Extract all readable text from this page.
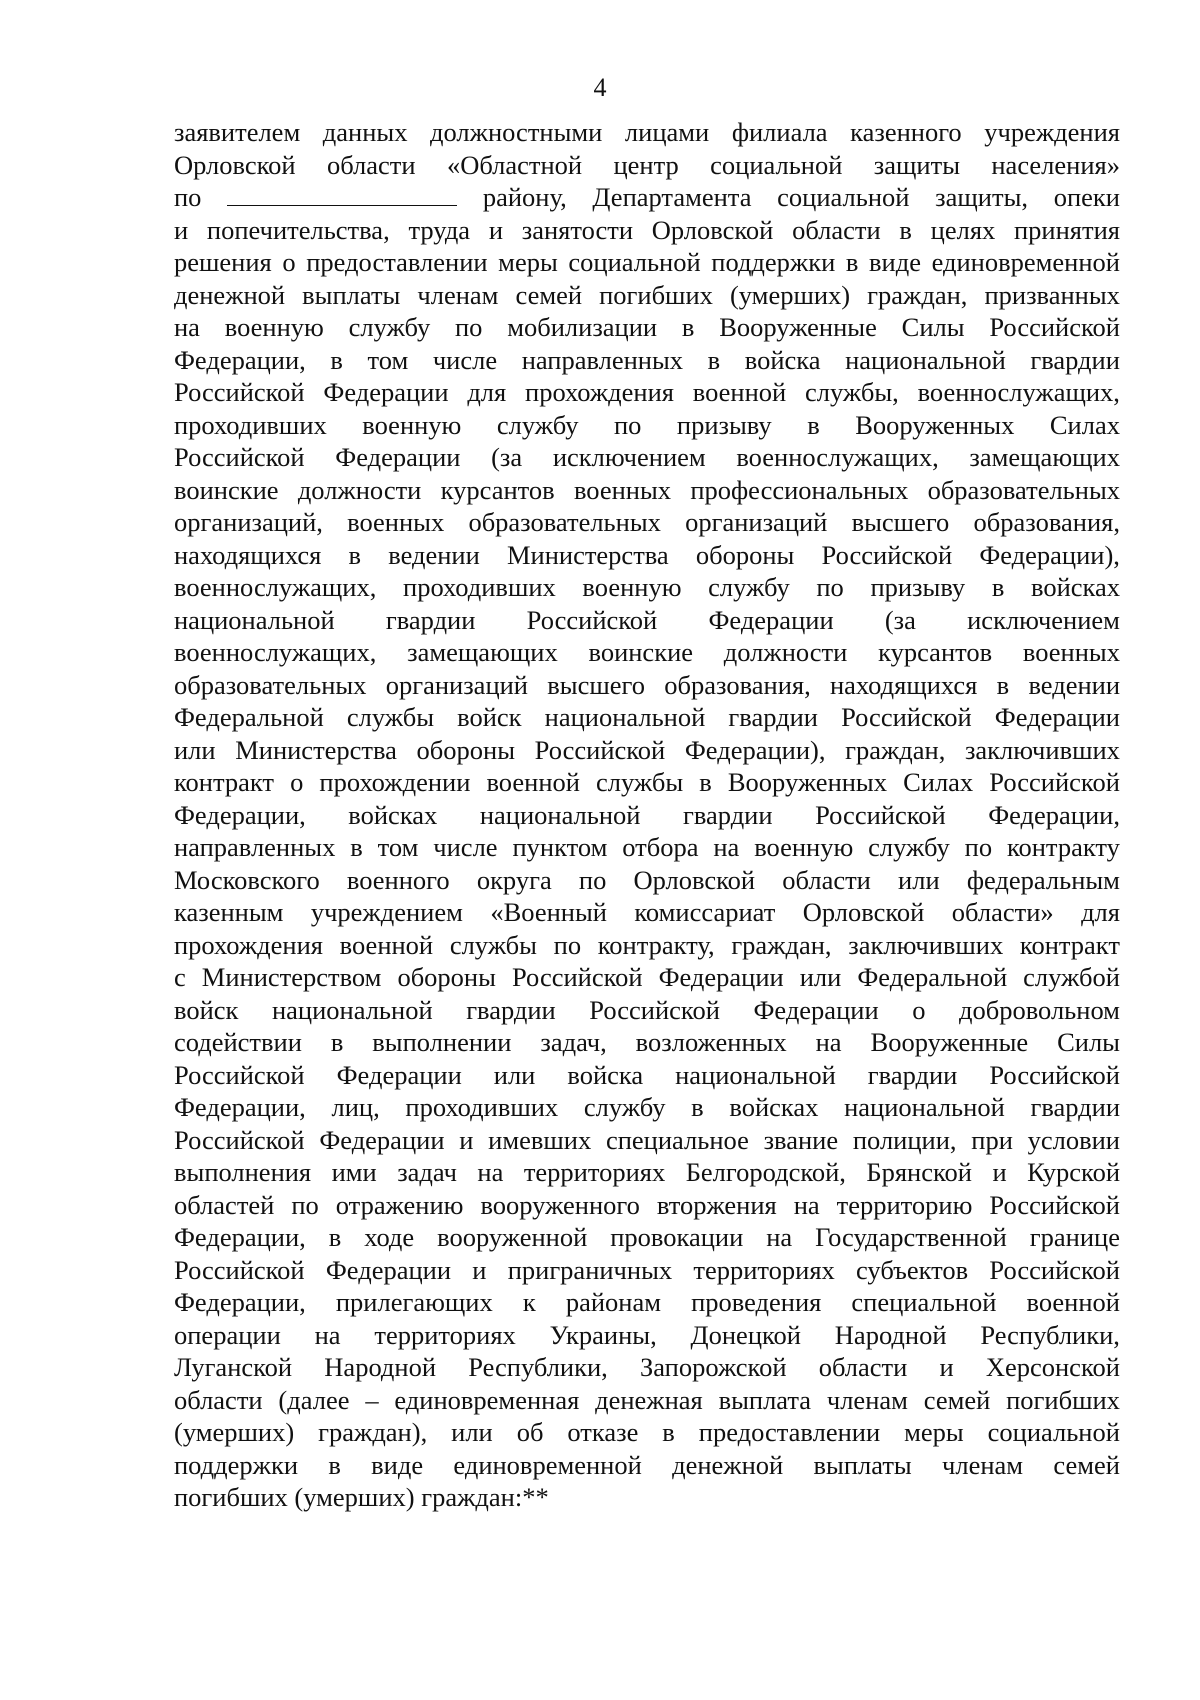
4
заявителем данных должностными лицами филиала казенного учреждения
Орловской области «Областной центр социальной защиты населения»
по	району, Департамента социальной защиты, опеки
и попечительства, труда и занятости Орловской области в целях принятия
решения о предоставлении меры социальной поддержки в виде единовременной
денежной выплаты членам семей погибших (умерших) граждан, призванных
на военную службу по мобилизации в Вооруженные Силы Российской
Федерации, в том числе направленных в войска национальной гвардии
Российской Федерации для прохождения военной службы, военнослужащих,
проходивших военную службу по призыву в Вооруженных Силах
Российской Федерации (за исключением военнослужащих, замещающих
воинские должности курсантов военных профессиональных образовательных
организаций, военных образовательных организаций высшего образования,
находящихся в ведении Министерства обороны Российской Федерации),
военнослужащих, проходивших военную службу по призыву в войсках
национальной гвардии Российской Федерации (за исключением
военнослужащих, замещающих воинские должности курсантов военных
образовательных организаций высшего образования, находящихся в ведении
Федеральной службы войск национальной гвардии Российской Федерации
или Министерства обороны Российской Федерации), граждан, заключивших
контракт о прохождении военной службы в Вооруженных Силах Российской
Федерации, войсках национальной гвардии Российской Федерации,
направленных в том числе пунктом отбора на военную службу по контракту
Московского военного округа по Орловской области или федеральным
казенным учреждением «Военный комиссариат Орловской области» для
прохождения военной службы по контракту, граждан, заключивших контракт
с Министерством обороны Российской Федерации или Федеральной службой
войск национальной гвардии Российской Федерации о добровольном
содействии в выполнении задач, возложенных на Вооруженные Силы
Российской Федерации или войска национальной гвардии Российской
Федерации, лиц, проходивших службу в войсках национальной гвардии
Российской Федерации и имевших специальное звание полиции, при условии
выполнения ими задач на территориях Белгородской, Брянской и Курской
областей по отражению вооруженного вторжения на территорию Российской
Федерации, в ходе вооруженной провокации на Государственной границе
Российской Федерации и приграничных территориях субъектов Российской
Федерации, прилегающих к районам проведения специальной военной
операции на территориях Украины, Донецкой Народной Республики,
Луганской Народной Республики, Запорожской области и Херсонской
области (далее – единовременная денежная выплата членам семей погибших
(умерших) граждан), или об отказе в предоставлении меры социальной
поддержки в виде единовременной денежной выплаты членам семей
погибших (умерших) граждан:**
